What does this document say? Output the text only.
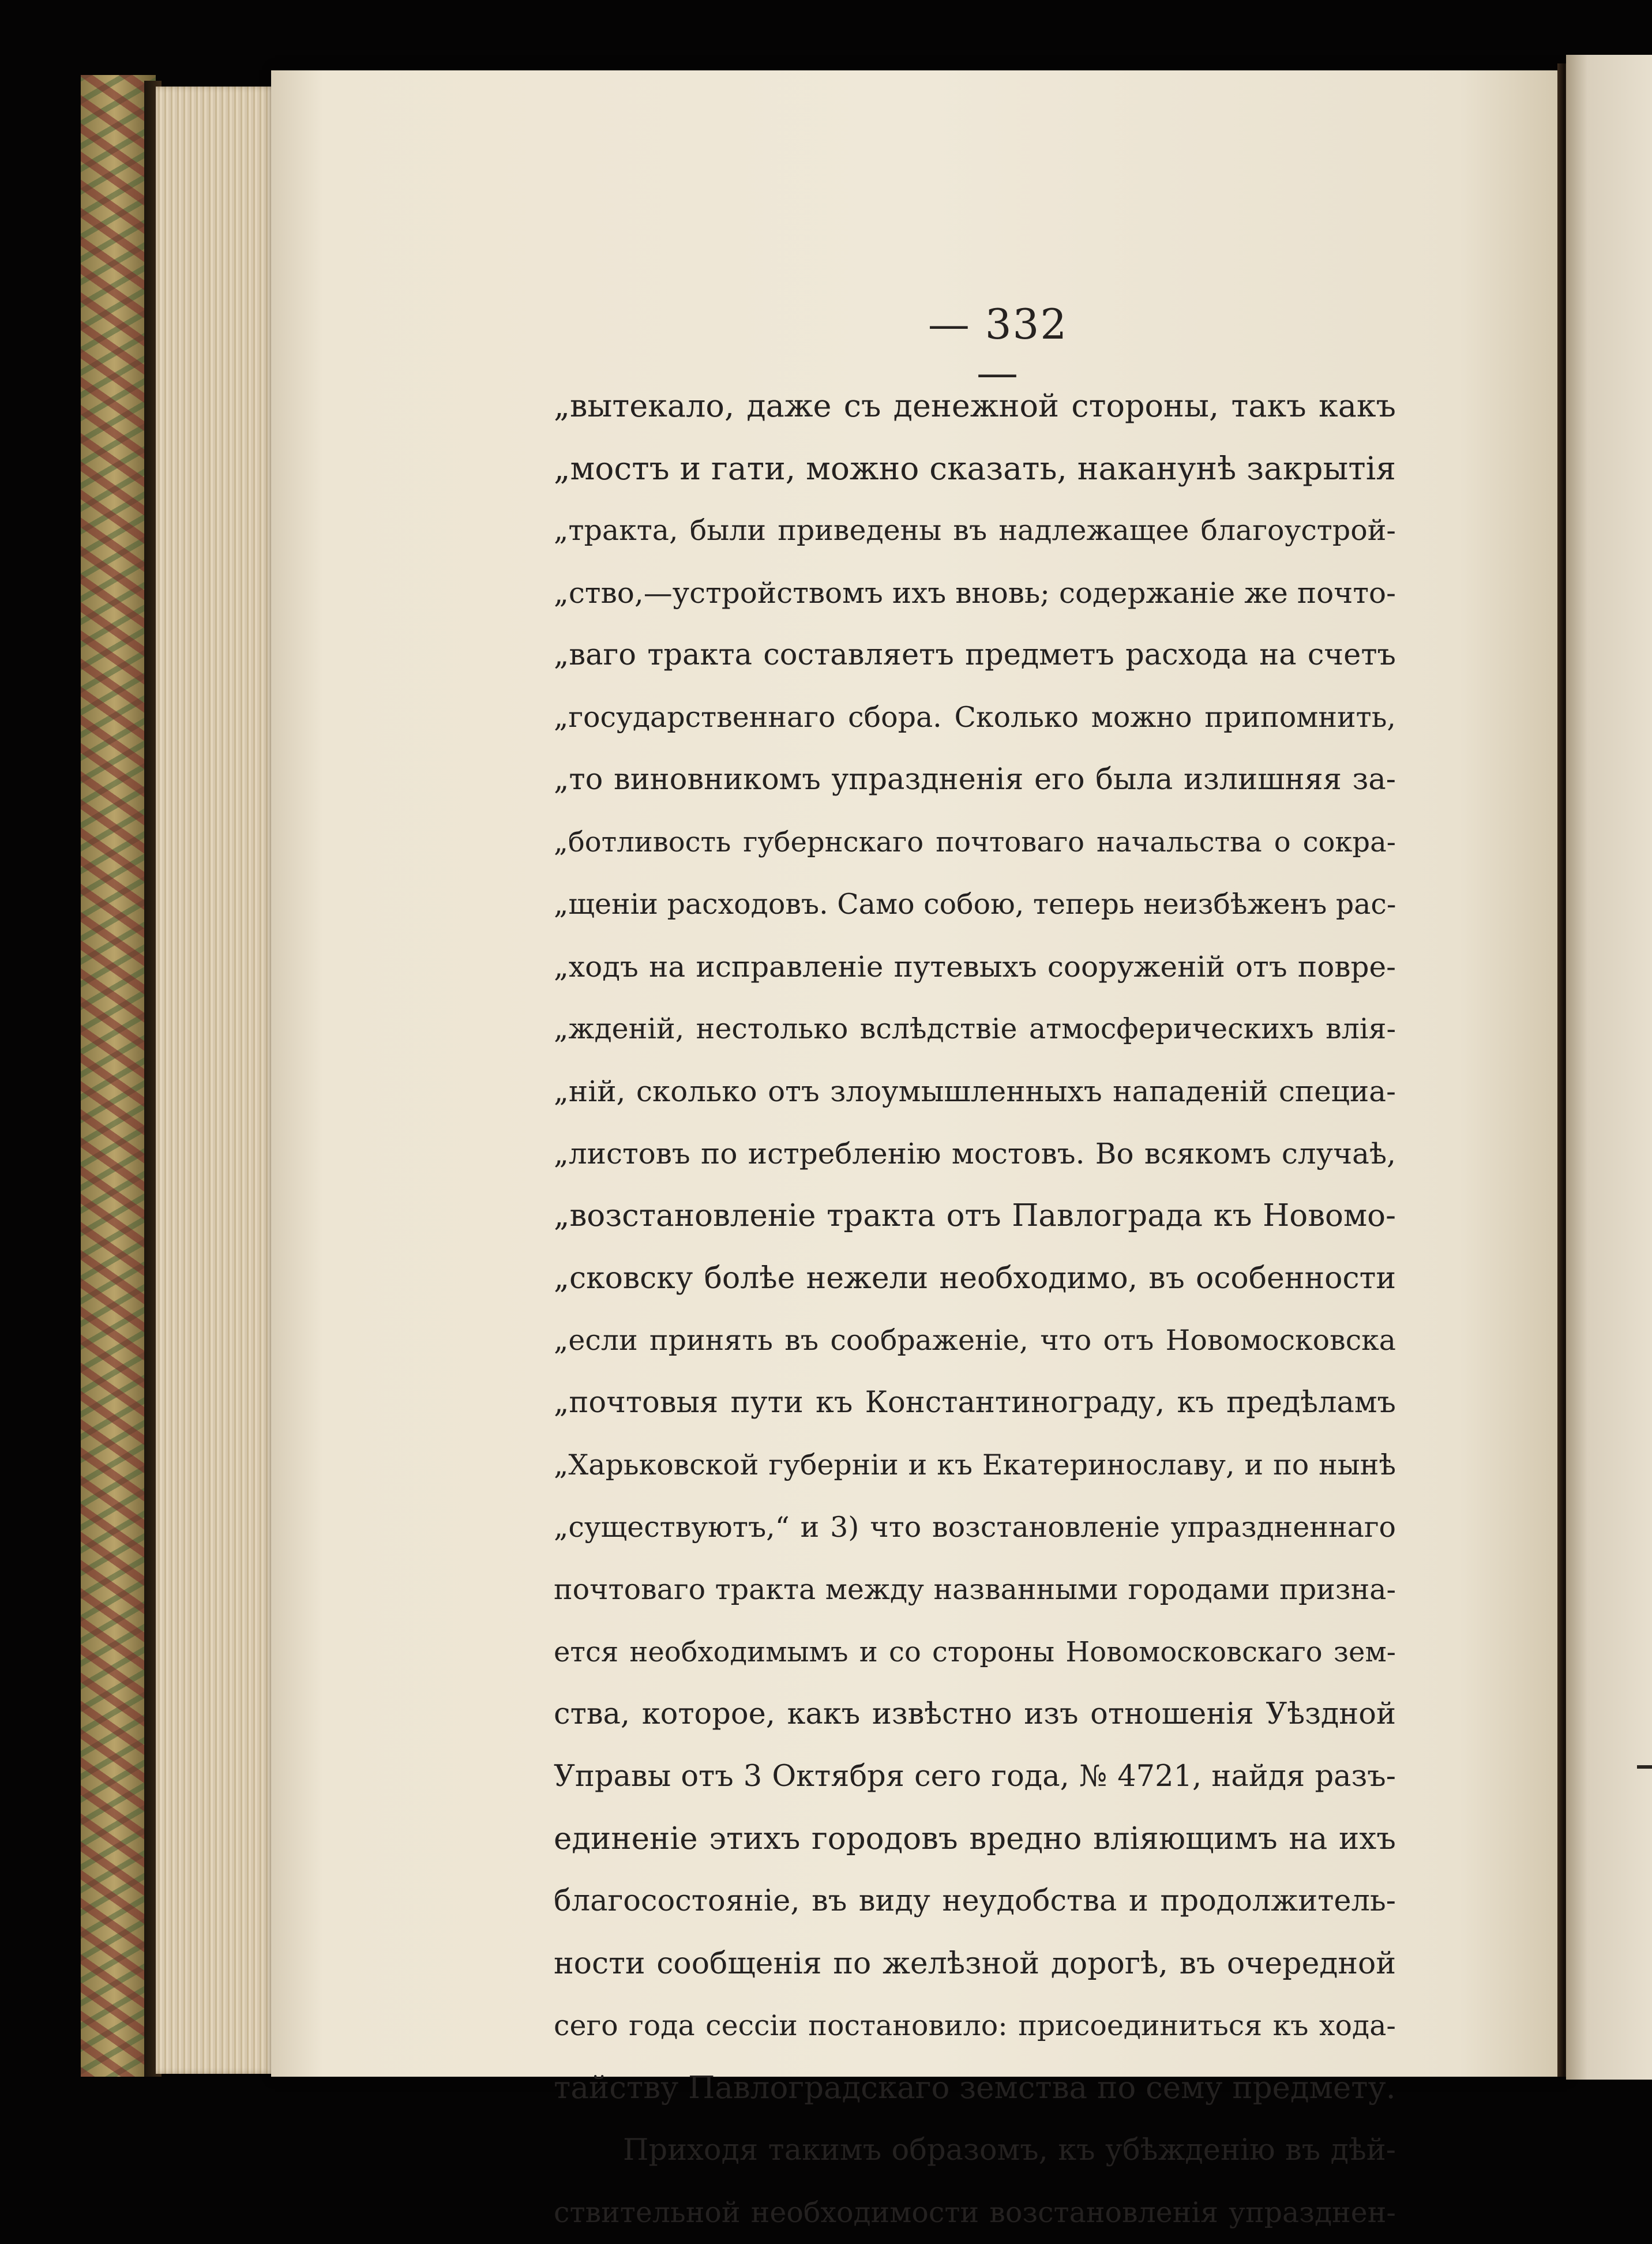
— 332 —
„вытекало, даже съ денежной стороны, такъ какъ
„мостъ и гати, можно сказать, наканунѣ закрытія
„тракта, были приведены въ надлежащее благоустрой-
„ство,—устройствомъ ихъ вновь; содержаніе же почто-
„ваго тракта составляетъ предметъ расхода на счетъ
„государственнаго сбора. Сколько можно припомнить,
„то виновникомъ упраздненія его была излишняя за-
„ботливость губернскаго почтоваго начальства о сокра-
„щеніи расходовъ. Само собою, теперь неизбѣженъ рас-
„ходъ на исправленіе путевыхъ сооруженій отъ повре-
„жденій, нестолько вслѣдствіе атмосферическихъ влія-
„ній, сколько отъ злоумышленныхъ нападеній специа-
„листовъ по истребленію мостовъ. Во всякомъ случаѣ,
„возстановленіе тракта отъ Павлограда къ Новомо-
„сковску болѣе нежели необходимо, въ особенности
„если принять въ соображеніе, что отъ Новомосковска
„почтовыя пути къ Константинограду, къ предѣламъ
„Харьковской губерніи и къ Екатеринославу, и по нынѣ
„существуютъ,“ и 3) что возстановленіе упраздненнаго
почтоваго тракта между названными городами призна-
ется необходимымъ и со стороны Новомосковскаго зем-
ства, которое, какъ извѣстно изъ отношенія Уѣздной
Управы отъ 3 Октября сего года, № 4721, найдя разъ-
единеніе этихъ городовъ вредно вліяющимъ на ихъ
благосостояніе, въ виду неудобства и продолжитель-
ности сообщенія по желѣзной дорогѣ, въ очередной
сего года сессіи постановило: присоединиться къ хода-
тайству Павлоградскаго земства по сему предмету.
Приходя такимъ образомъ, къ убѣжденію въ дѣй-
ствительной необходимости возстановленія упразднен-
